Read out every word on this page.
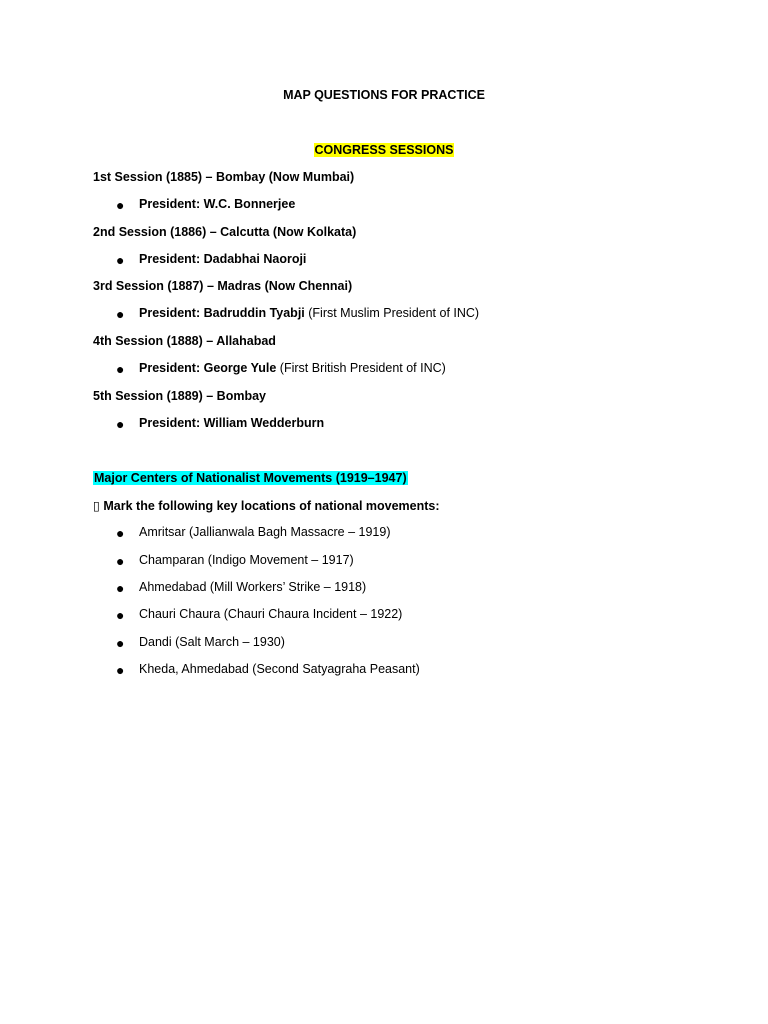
MAP QUESTIONS FOR PRACTICE
CONGRESS SESSIONS
1st Session (1885) – Bombay (Now Mumbai)
● President: W.C. Bonnerjee
2nd Session (1886) – Calcutta (Now Kolkata)
● President: Dadabhai Naoroji
3rd Session (1887) – Madras (Now Chennai)
● President: Badruddin Tyabji (First Muslim President of INC)
4th Session (1888) – Allahabad
● President: George Yule (First British President of INC)
5th Session (1889) – Bombay
● President: William Wedderburn
Major Centers of Nationalist Movements (1919–1947)
▯ Mark the following key locations of national movements:
● Amritsar (Jallianwala Bagh Massacre – 1919)
● Champaran (Indigo Movement – 1917)
● Ahmedabad (Mill Workers’ Strike – 1918)
● Chauri Chaura (Chauri Chaura Incident – 1922)
● Dandi (Salt March – 1930)
● Kheda, Ahmedabad (Second Satyagraha Peasant)
